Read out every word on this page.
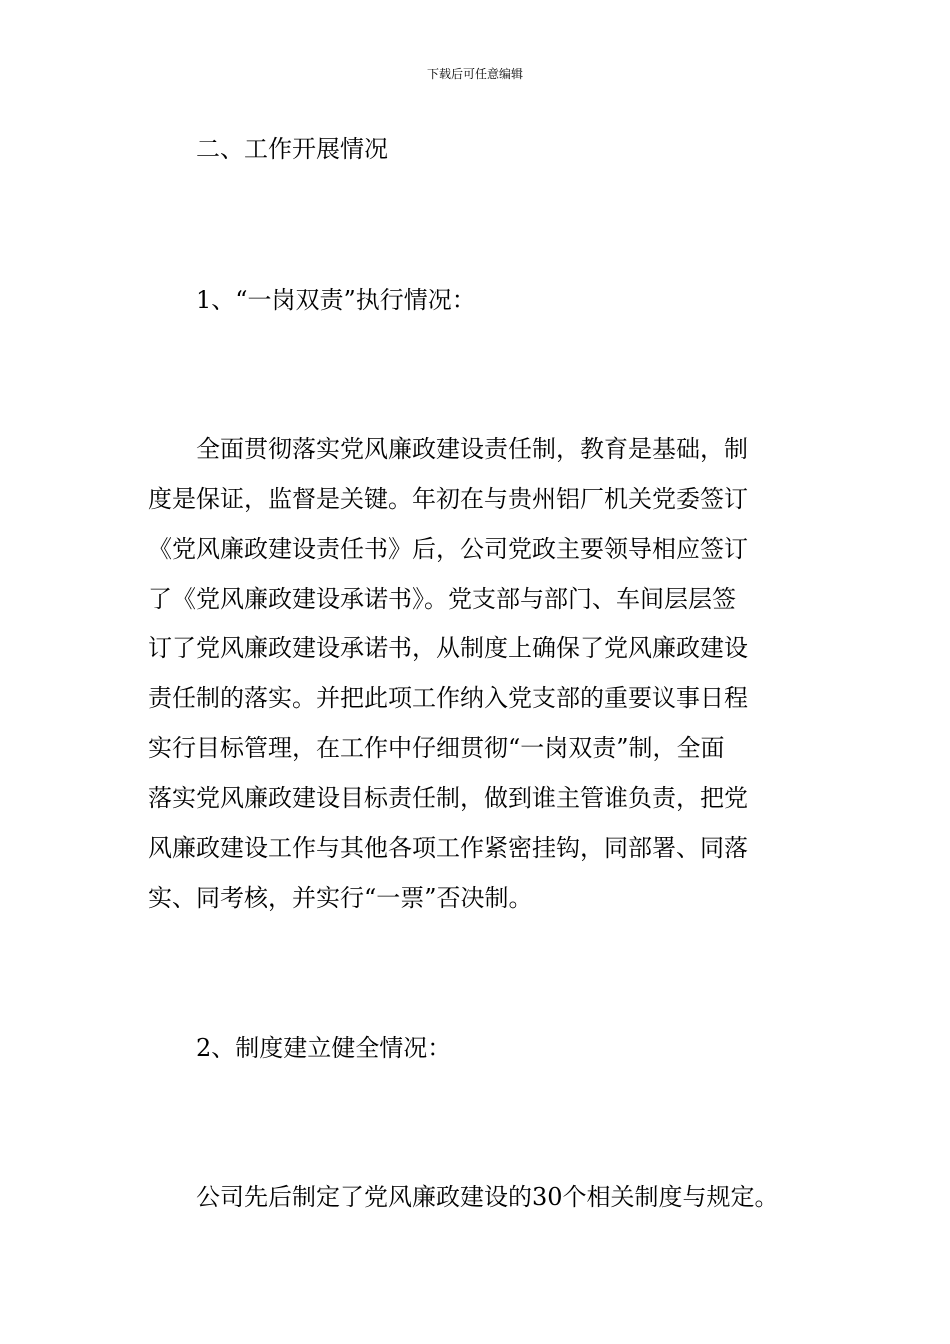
下载后可任意编辑
二、工作开展情况
1、“一岗双责”执行情况：
全面贯彻落实党风廉政建设责任制，教育是基础，制
度是保证，监督是关键。年初在与贵州铝厂机关党委签订
《党风廉政建设责任书》后，公司党政主要领导相应签订
了《党风廉政建设承诺书》。党支部与部门、车间层层签
订了党风廉政建设承诺书，从制度上确保了党风廉政建设
责任制的落实。并把此项工作纳入党支部的重要议事日程
实行目标管理，在工作中仔细贯彻“一岗双责”制，全面
落实党风廉政建设目标责任制，做到谁主管谁负责，把党
风廉政建设工作与其他各项工作紧密挂钩，同部署、同落
实、同考核，并实行“一票”否决制。
2、制度建立健全情况：
公司先后制定了党风廉政建设的30个相关制度与规定。
